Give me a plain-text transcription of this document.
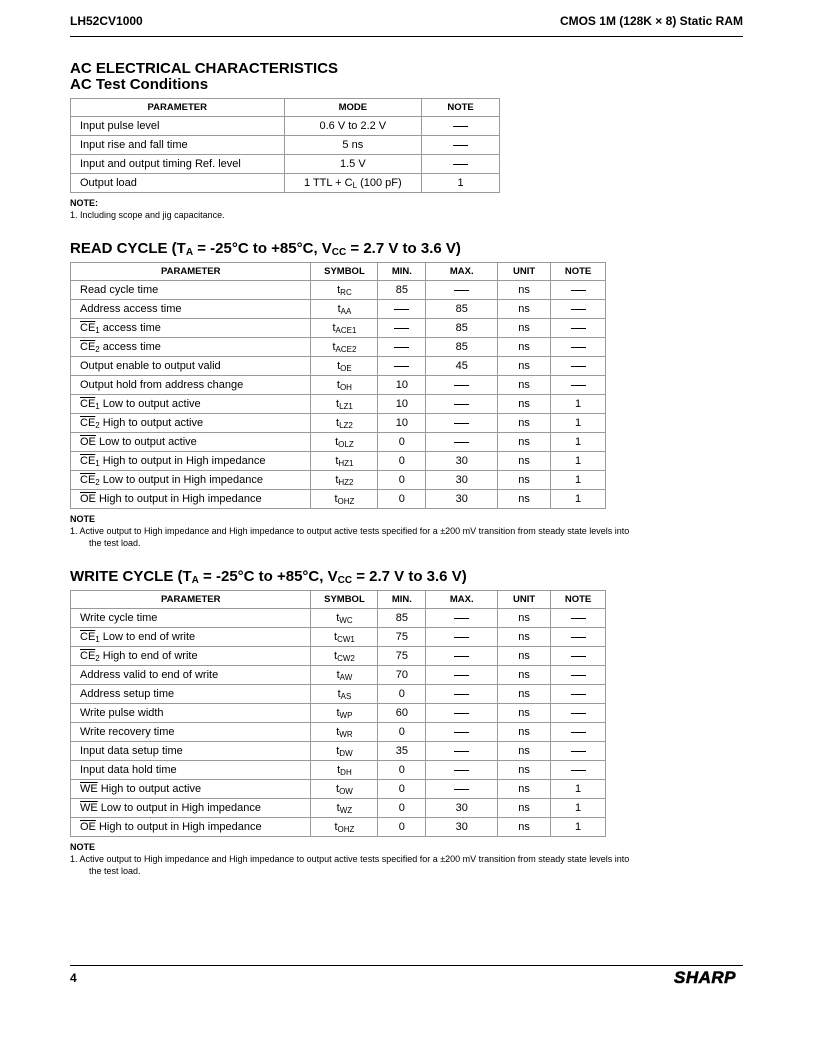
LH52CV1000	CMOS 1M (128K × 8) Static RAM
AC ELECTRICAL CHARACTERISTICS
AC Test Conditions
PARAMETER	MODE	NOTE
Input pulse level	0.6 V to 2.2 V	
Input rise and fall time	5 ns	
Input and output timing Ref. level	1.5 V	
Output load	1 TTL + $C_L$ (100 pF)	1
NOTE:
1. Including scope and jig capacitance.
READ CYCLE ($T_A = -25^\circ C$ to +85°C, $V_{CC} = 2.7$ V to 3.6 V)
PARAMETER	SYMBOL	MIN.	MAX.	UNIT	NOTE
Read cycle time	$t_{RC}$	85		ns	
Address access time	$t_{AA}$		85	ns	
$\overline{CE}_1$ access time	$t_{ACE1}$		85	ns	
$\overline{CE}_2$ access time	$t_{ACE2}$		85	ns	
Output enable to output valid	$t_{OE}$		45	ns	
Output hold from address change	$t_{OH}$	10		ns	
$\overline{CE}_1$ Low to output active	$t_{LZ1}$	10		ns	1
$\overline{CE}_2$ High to output active	$t_{LZ2}$	10		ns	1
$\overline{OE}$ Low to output active	$t_{OLZ}$	0		ns	1
$\overline{CE}_1$ High to output in High impedance	$t_{HZ1}$	0	30	ns	1
$\overline{CE}_2$ Low to output in High impedance	$t_{HZ2}$	0	30	ns	1
$\overline{OE}$ High to output in High impedance	$t_{OHZ}$	0	30	ns	1
NOTE
1. Active output to High impedance and High impedance to output active tests specified for a ±200 mV transition from steady state levels into the test load.
WRITE CYCLE ($T_A = -25^\circ C$ to +85°C, $V_{CC} = 2.7$ V to 3.6 V)
PARAMETER	SYMBOL	MIN.	MAX.	UNIT	NOTE
Write cycle time	$t_{WC}$	85		ns	
$\overline{CE}_1$ Low to end of write	$t_{CW1}$	75		ns	
$\overline{CE}_2$ High to end of write	$t_{CW2}$	75		ns	
Address valid to end of write	$t_{AW}$	70		ns	
Address setup time	$t_{AS}$	0		ns	
Write pulse width	$t_{WP}$	60		ns	
Write recovery time	$t_{WR}$	0		ns	
Input data setup time	$t_{DW}$	35		ns	
Input data hold time	$t_{DH}$	0		ns	
$\overline{WE}$ High to output active	$t_{OW}$	0		ns	1
$\overline{WE}$ Low to output in High impedance	$t_{WZ}$	0	30	ns	1
$\overline{OE}$ High to output in High impedance	$t_{OHZ}$	0	30	ns	1
NOTE
1. Active output to High impedance and High impedance to output active tests specified for a ±200 mV transition from steady state levels into the test load.
4	SHARP
